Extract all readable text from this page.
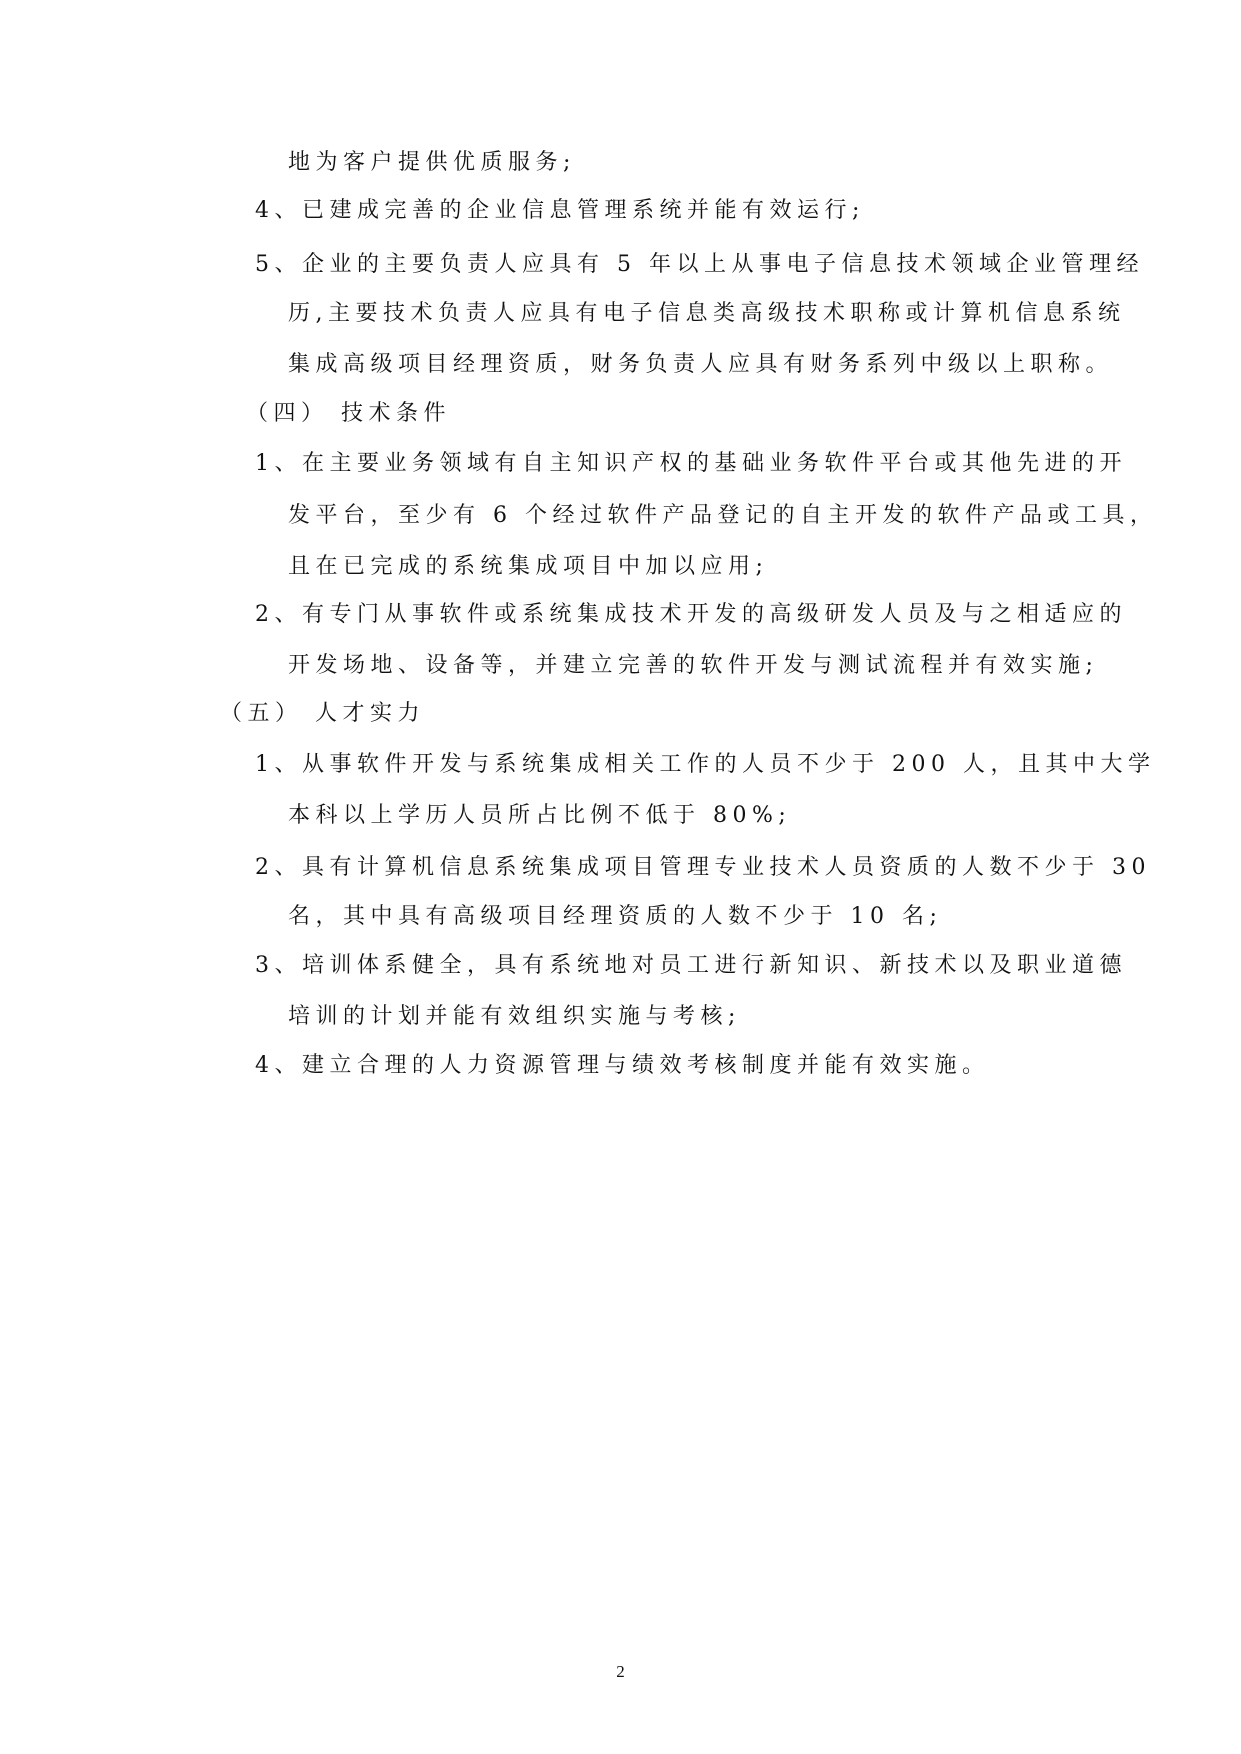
地为客户提供优质服务;

4、已建成完善的企业信息管理系统并能有效运行;

5、企业的主要负责人应具有 5 年以上从事电子信息技术领域企业管理经

历,主要技术负责人应具有电子信息类高级技术职称或计算机信息系统

集成高级项目经理资质，财务负责人应具有财务系列中级以上职称。

（四） 技术条件

1、在主要业务领域有自主知识产权的基础业务软件平台或其他先进的开

发平台，至少有 6 个经过软件产品登记的自主开发的软件产品或工具，

且在已完成的系统集成项目中加以应用;

2、有专门从事软件或系统集成技术开发的高级研发人员及与之相适应的

开发场地、设备等，并建立完善的软件开发与测试流程并有效实施;

（五） 人才实力

1、从事软件开发与系统集成相关工作的人员不少于 200 人，且其中大学

本科以上学历人员所占比例不低于 80%;

2、具有计算机信息系统集成项目管理专业技术人员资质的人数不少于 30

名，其中具有高级项目经理资质的人数不少于 10 名;

3、培训体系健全，具有系统地对员工进行新知识、新技术以及职业道德

培训的计划并能有效组织实施与考核;

4、建立合理的人力资源管理与绩效考核制度并能有效实施。

2
